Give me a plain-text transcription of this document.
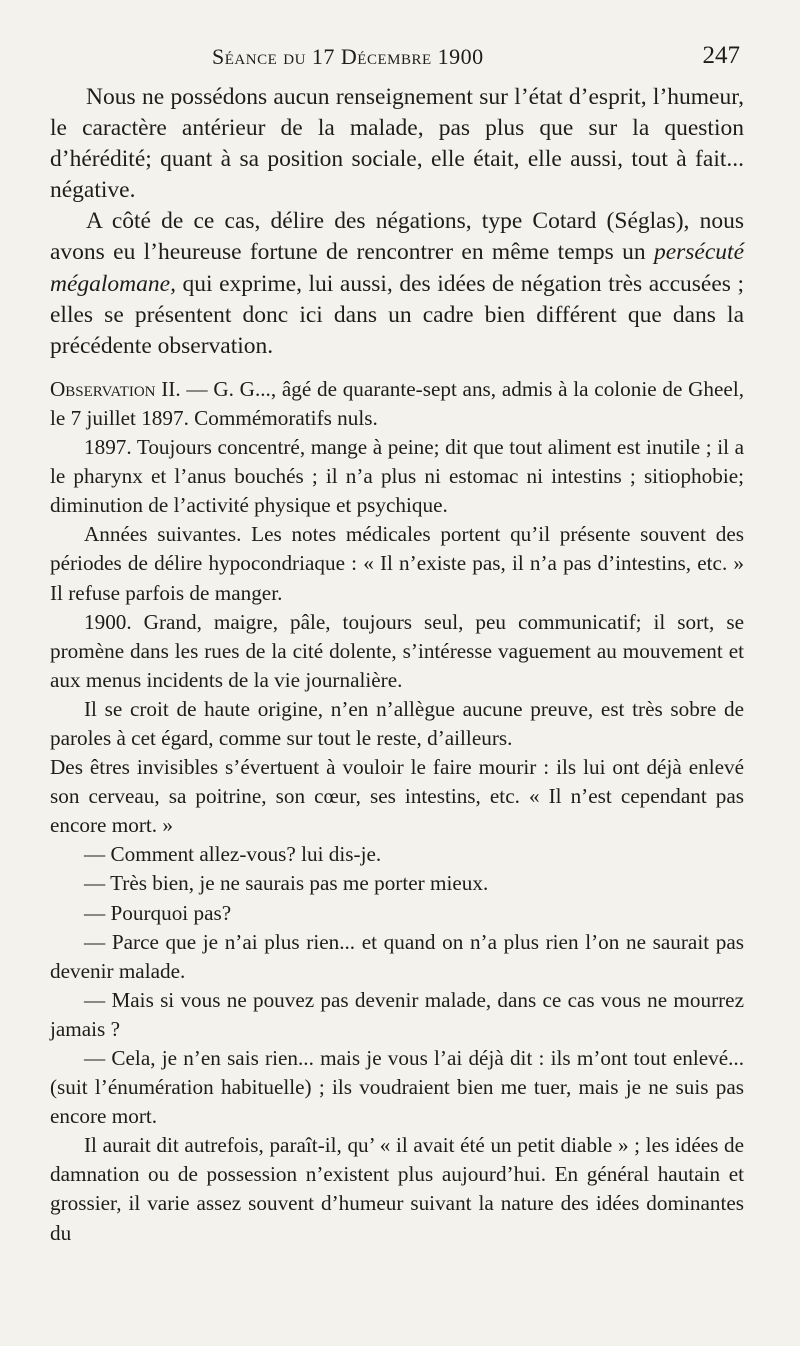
Séance du 17 Décembre 1900	247

Nous ne possédons aucun renseignement sur l’état d’esprit, l’humeur, le caractère antérieur de la malade, pas plus que sur la question d’hérédité; quant à sa position sociale, elle était, elle aussi, tout à fait... négative.

A côté de ce cas, délire des négations, type Cotard (Séglas), nous avons eu l’heureuse fortune de rencontrer en même temps un persécuté mégalomane, qui exprime, lui aussi, des idées de négation très accusées ; elles se présentent donc ici dans un cadre bien différent que dans la précédente observation.

Observation II. — G. G..., âgé de quarante-sept ans, admis à la colonie de Gheel, le 7 juillet 1897. Commémoratifs nuls.

1897. Toujours concentré, mange à peine; dit que tout aliment est inutile ; il a le pharynx et l’anus bouchés ; il n’a plus ni estomac ni intestins ; sitiophobie; diminution de l’activité physique et psychique.

Années suivantes. Les notes médicales portent qu’il présente souvent des périodes de délire hypocondriaque : « Il n’existe pas, il n’a pas d’intestins, etc. » Il refuse parfois de manger.

1900. Grand, maigre, pâle, toujours seul, peu communicatif; il sort, se promène dans les rues de la cité dolente, s’intéresse vaguement au mouvement et aux menus incidents de la vie journalière.

Il se croit de haute origine, n’en n’allègue aucune preuve, est très sobre de paroles à cet égard, comme sur tout le reste, d’ailleurs.

Des êtres invisibles s’évertuent à vouloir le faire mourir : ils lui ont déjà enlevé son cerveau, sa poitrine, son cœur, ses intestins, etc. « Il n’est cependant pas encore mort. »

— Comment allez-vous? lui dis-je.

— Très bien, je ne saurais pas me porter mieux.

— Pourquoi pas?

— Parce que je n’ai plus rien... et quand on n’a plus rien l’on ne saurait pas devenir malade.

— Mais si vous ne pouvez pas devenir malade, dans ce cas vous ne mourrez jamais ?

— Cela, je n’en sais rien... mais je vous l’ai déjà dit : ils m’ont tout enlevé... (suit l’énumération habituelle) ; ils voudraient bien me tuer, mais je ne suis pas encore mort.

Il aurait dit autrefois, paraît-il, qu’ « il avait été un petit diable » ; les idées de damnation ou de possession n’existent plus aujourd’hui. En général hautain et grossier, il varie assez souvent d’humeur suivant la nature des idées dominantes du
